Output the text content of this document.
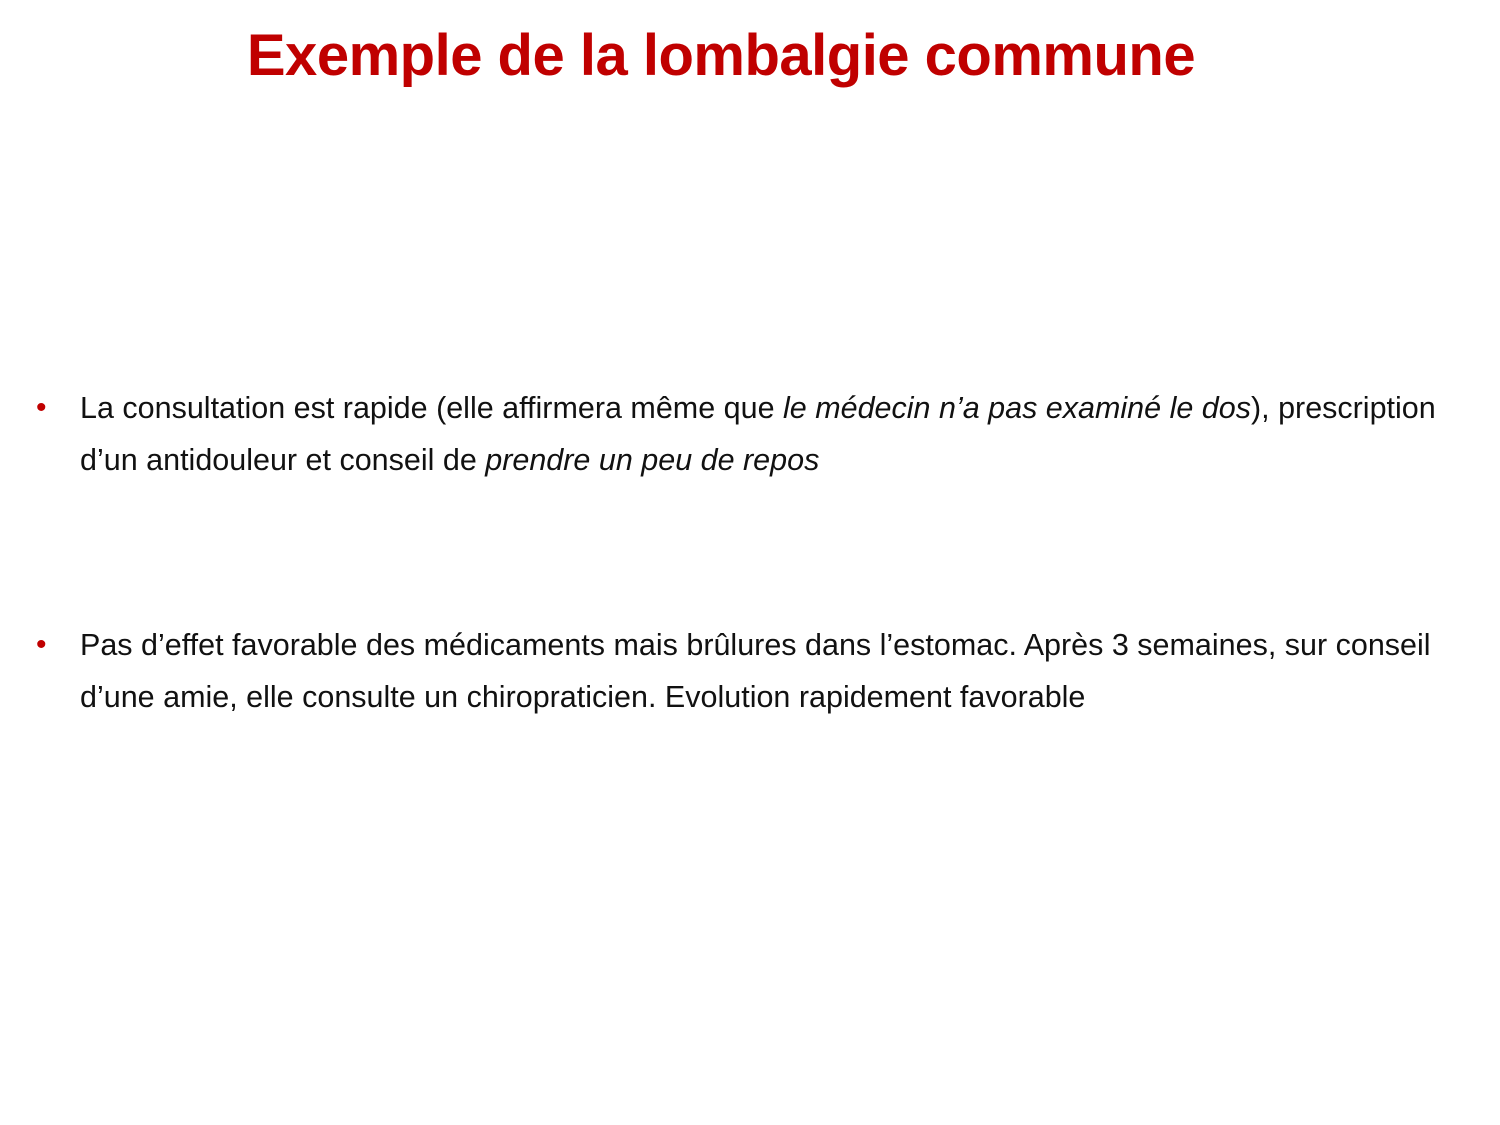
Exemple de la lombalgie commune
• La consultation est rapide (elle affirmera même que le médecin n’a pas examiné le dos), prescription d’un antidouleur et conseil de prendre un peu de repos
• Pas d’effet favorable des médicaments mais brûlures dans l’estomac. Après 3 semaines, sur conseil d’une amie, elle consulte un chiropraticien. Evolution rapidement favorable
